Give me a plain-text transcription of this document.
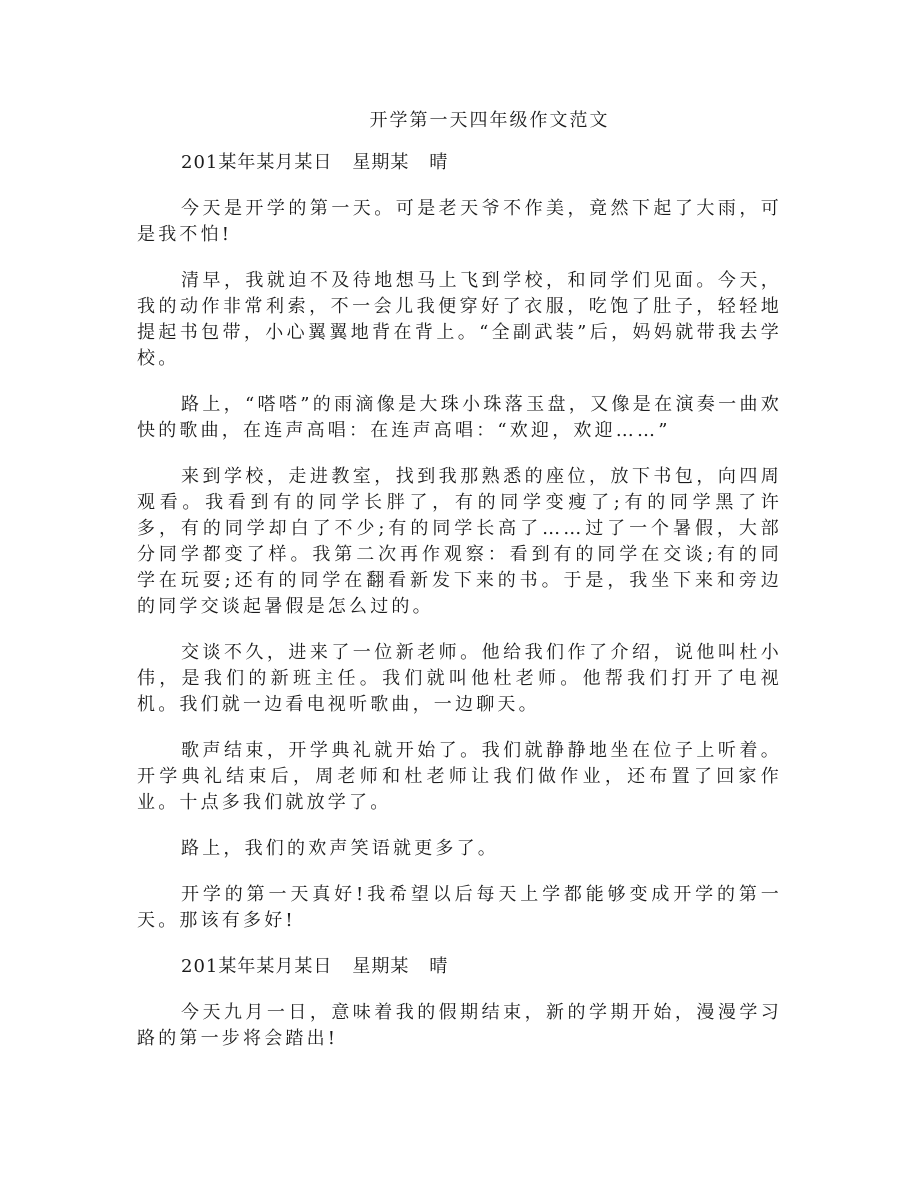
开学第一天四年级作文范文

201某年某月某日 星期某 晴

今天是开学的第一天。可是老天爷不作美，竟然下起了大雨，可是我不怕!

清早，我就迫不及待地想马上飞到学校，和同学们见面。今天，我的动作非常利索，不一会儿我便穿好了衣服，吃饱了肚子，轻轻地提起书包带，小心翼翼地背在背上。“全副武装”后，妈妈就带我去学校。

路上，“嗒嗒”的雨滴像是大珠小珠落玉盘，又像是在演奏一曲欢快的歌曲，在连声高唱：在连声高唱：“欢迎，欢迎……”

来到学校，走进教室，找到我那熟悉的座位，放下书包，向四周观看。我看到有的同学长胖了，有的同学变瘦了;有的同学黑了许多，有的同学却白了不少;有的同学长高了……过了一个暑假，大部分同学都变了样。我第二次再作观察：看到有的同学在交谈;有的同学在玩耍;还有的同学在翻看新发下来的书。于是，我坐下来和旁边的同学交谈起暑假是怎么过的。

交谈不久，进来了一位新老师。他给我们作了介绍，说他叫杜小伟，是我们的新班主任。我们就叫他杜老师。他帮我们打开了电视机。我们就一边看电视听歌曲，一边聊天。

歌声结束，开学典礼就开始了。我们就静静地坐在位子上听着。开学典礼结束后，周老师和杜老师让我们做作业，还布置了回家作业。十点多我们就放学了。

路上，我们的欢声笑语就更多了。

开学的第一天真好!我希望以后每天上学都能够变成开学的第一天。那该有多好!

201某年某月某日 星期某 晴

今天九月一日，意味着我的假期结束，新的学期开始，漫漫学习路的第一步将会踏出!
